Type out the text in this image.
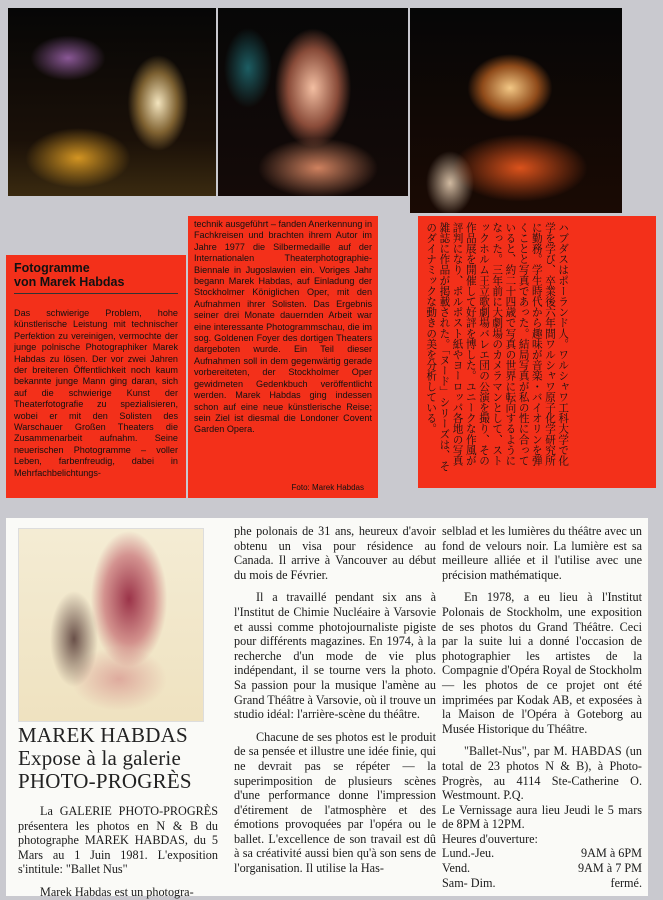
Fotogramme
von Marek Habdas
Das schwierige Problem, hohe künstlerische Leistung mit technischer Perfektion zu vereinigen, vermochte der junge polnische Photographiker Marek Habdas zu lösen. Der vor zwei Jahren der breiteren Öffentlichkeit noch kaum bekannte junge Mann ging daran, sich auf die schwierige Kunst der Theaterfotografie zu spezialisieren, wobei er mit den Solisten des Warschauer Großen Theaters die Zusammenarbeit aufnahm. Seine neuerischen Photogramme – voller Leben, farbenfreudig, dabei in Mehrfachbelichtungs-
technik ausgeführt – fanden Anerkennung in Fachkreisen und brachten ihrem Autor im Jahre 1977 die Silbermedaille auf der Internationalen Theaterphotographie-Biennale in Jugoslawien ein. Voriges Jahr begann Marek Habdas, auf Einladung der Stockholmer Königlichen Oper, mit den Aufnahmen ihrer Solisten. Das Ergebnis seiner drei Monate dauernden Arbeit war eine interessante Photogrammschau, die im sog. Goldenen Foyer des dortigen Theaters dargeboten wurde. Ein Teil dieser Aufnahmen soll in dem gegenwärtig gerade vorbereiteten, der Stockholmer Oper gewidmeten Gedenkbuch veröffentlicht werden. Marek Habdas ging indessen schon auf eine neue künstlerische Reise; sein Ziel ist diesmal die Londoner Covent Garden Opera.
Foto: Marek Habdas
ハブダスはポーランド人。ワルシャワ工科大学で化学を学び、卒業後六年間ワルシャワ原子化学研究所に勤務。学生時代から趣味が音楽・バイオリンを弾くことと写真であった。結局写真が私の性に合っていると、約二十四歳で写真の世界に転向するようになった。三年前に大劇場のカメラマンとして、ストックホルム王立歌劇場バレエ団の公演を撮り、その作品展を開催して好評を博した。ユニークな作風が評判になり、ポルポスト紙やヨーロッパ各地の写真雑誌に作品が掲載された。「ヌード」シリーズは、そのダイナミックな動きの美を分析している。
MAREK HABDAS
Expose à la galerie
PHOTO-PROGRÈS

La GALERIE PHOTO-PROGRÈS présentera les photos en N & B du photographe MAREK HABDAS, du 5 Mars au 1 Juin 1981. L'exposition s'intitule: "Ballet Nus"

Marek Habdas est un photogra-

phe polonais de 31 ans, heureux d'avoir obtenu un visa pour résidence au Canada. Il arrive à Vancouver au début du mois de Février.

Il a travaillé pendant six ans à l'Institut de Chimie Nucléaire à Varsovie et aussi comme photojournaliste pigiste pour différents magazines. En 1974, à la recherche d'un mode de vie plus indépendant, il se tourne vers la photo. Sa passion pour la musique l'amène au Grand Théâtre à Varsovie, où il trouve un studio idéal: l'arrière-scène du théâtre.

Chacune de ses photos est le produit de sa pensée et illustre une idée finie, qui ne devrait pas se répéter — la superimposition de plusieurs scènes d'une performance donne l'impression d'étirement de l'atmosphère et des émotions provoquées par l'opéra ou le ballet. L'excellence de son travail est dû à sa créativité aussi bien qu'à son sens de l'organisation. Il utilise la Has-

selblad et les lumières du théâtre avec un fond de velours noir. La lumière est sa meilleure alliée et il l'utilise avec une précision mathématique.

En 1978, a eu lieu à l'Institut Polonais de Stockholm, une exposition de ses photos du Grand Théâtre. Ceci par la suite lui a donné l'occasion de photographier les artistes de la Compagnie d'Opéra Royal de Stockholm — les photos de ce projet ont été imprimées par Kodak AB, et exposées à la Maison de l'Opéra à Goteborg au Musée Historique du Théâtre.

"Ballet-Nus", par M. HABDAS (un total de 23 photos N & B), à Photo-Progrès, au 4114 Ste-Catherine O. Westmount. P.Q.

Le Vernissage aura lieu Jeudi le 5 mars de 8PM à 12PM.

Heures d'ouverture:
Lund.-Jeu.	9AM à 6PM
Vend.	9AM à 7 PM
Sam- Dim.	fermé.
